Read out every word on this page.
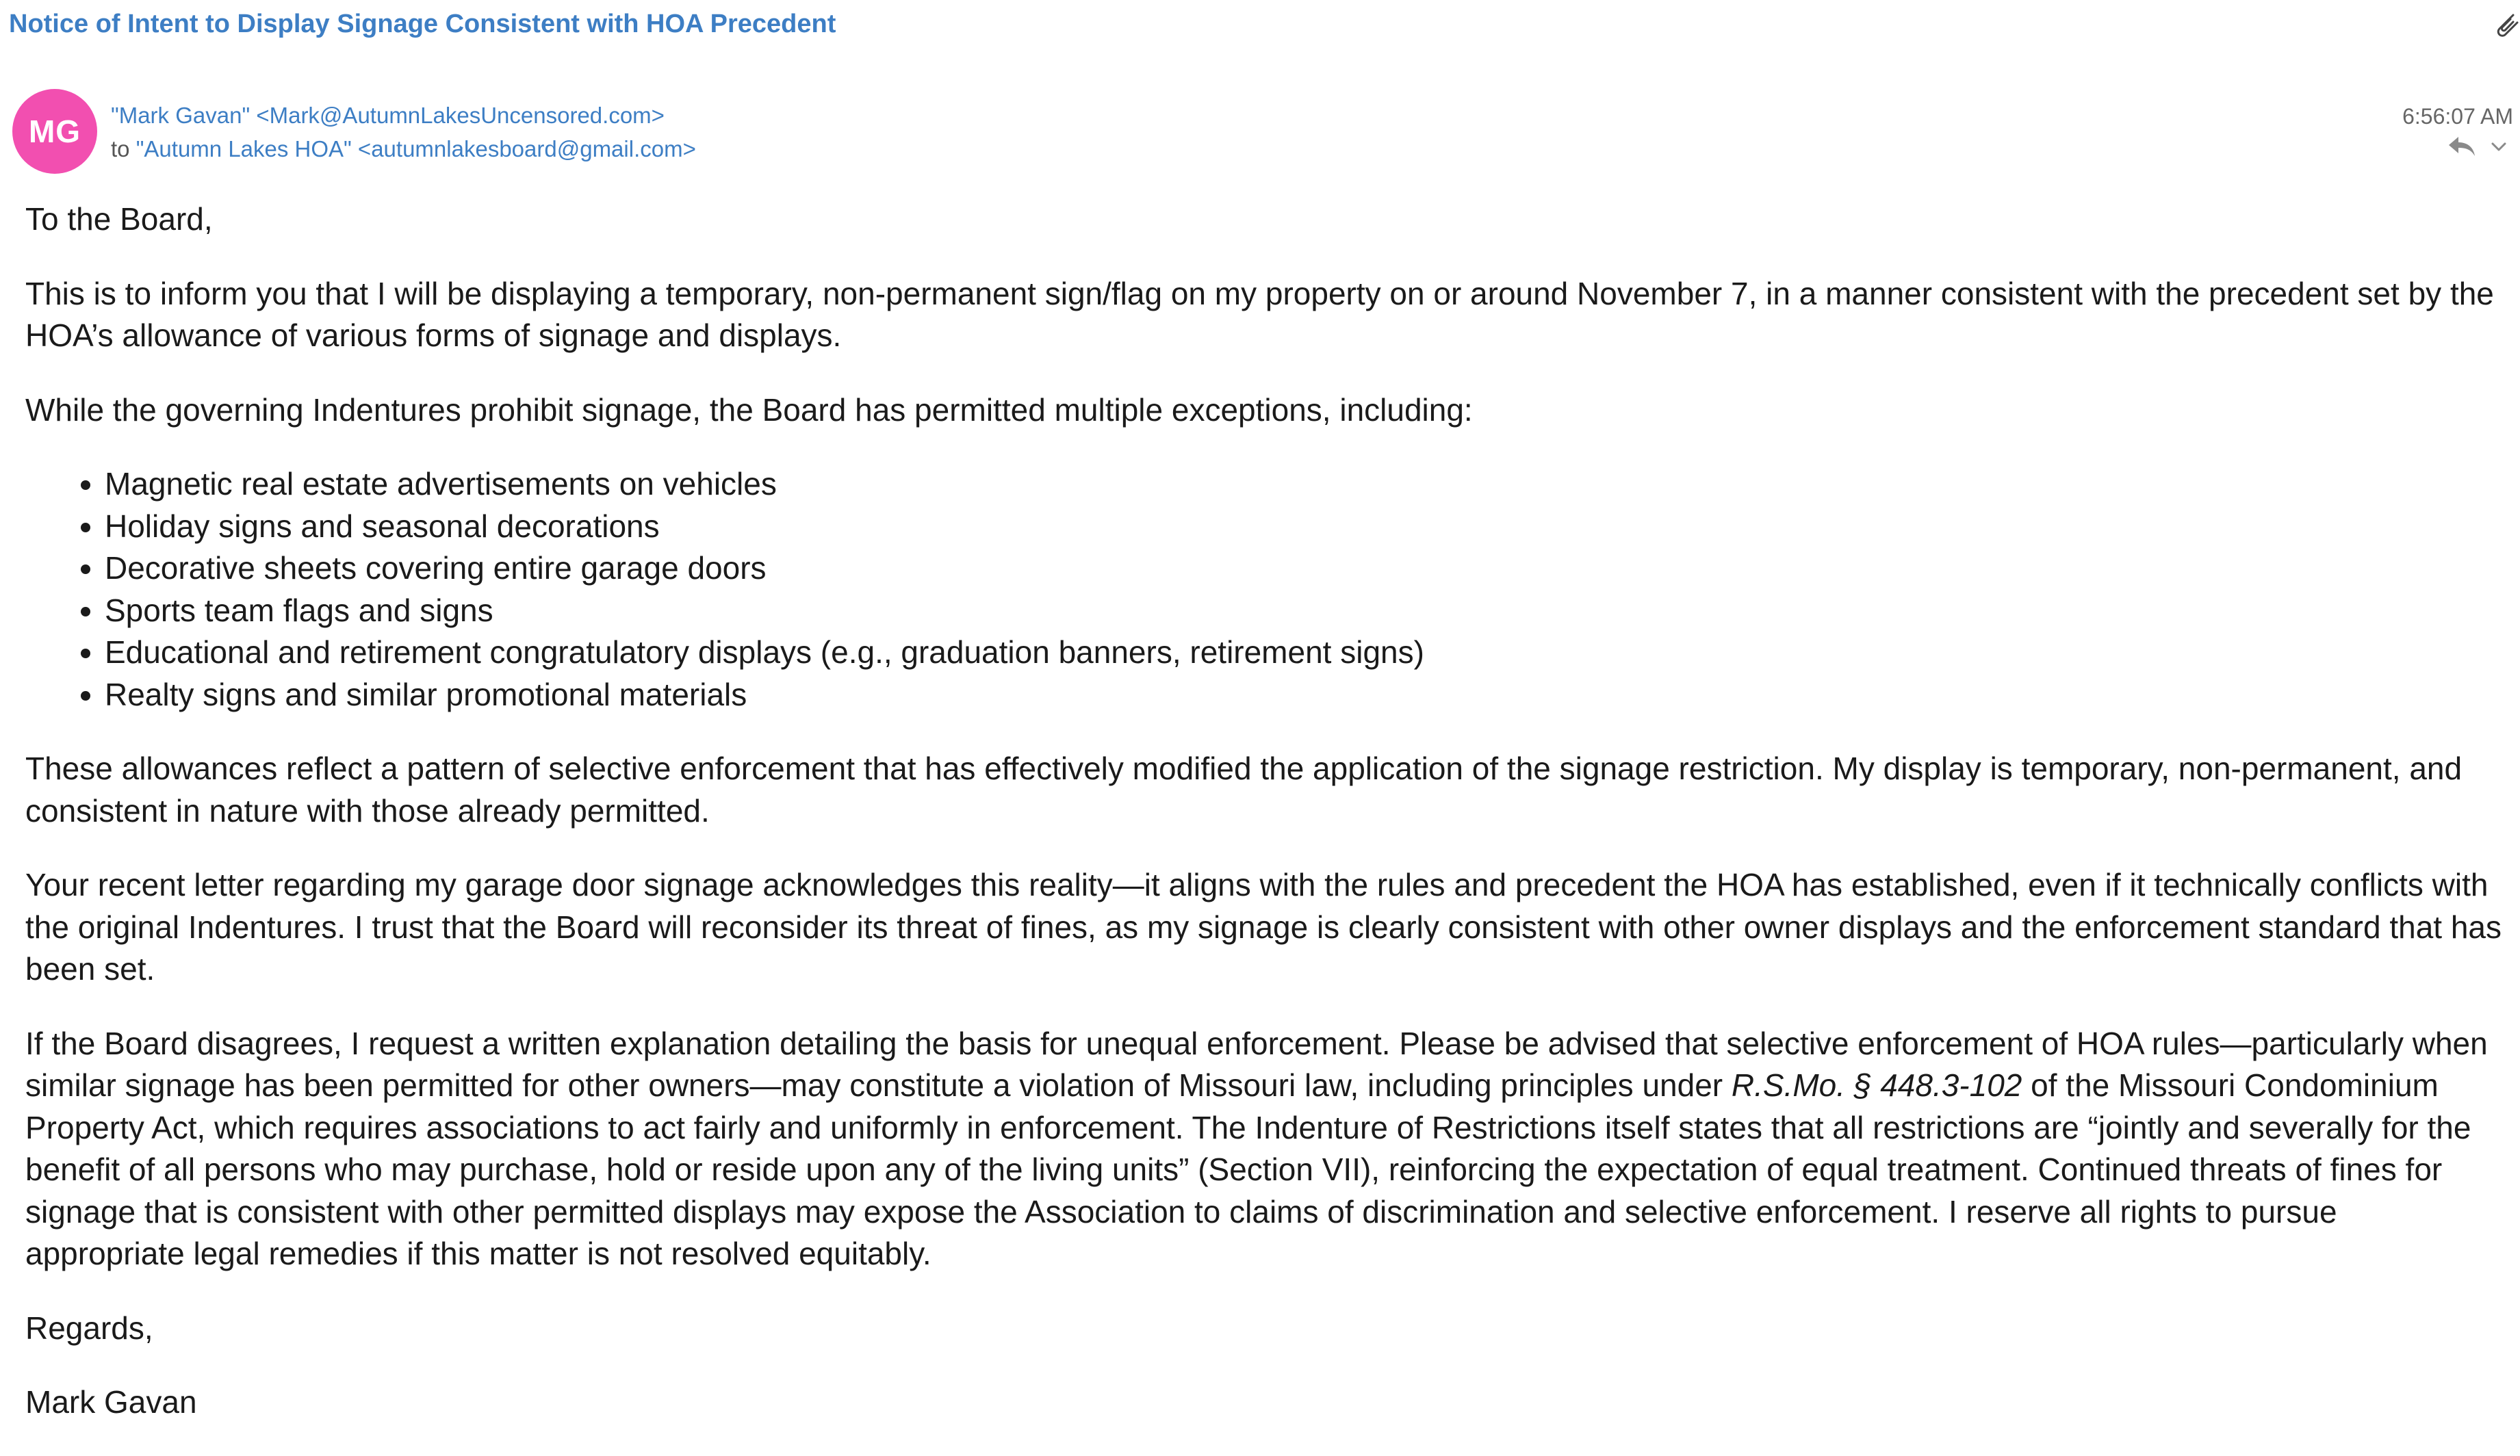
Notice of Intent to Display Signage Consistent with HOA Precedent
MG	"Mark Gavan" <Mark@AutumnLakesUncensored.com>
to "Autumn Lakes HOA" <autumnlakesboard@gmail.com>
6:56:07 AM

To the Board,

This is to inform you that I will be displaying a temporary, non-permanent sign/flag on my property on or around November 7, in a manner consistent with the precedent set by the HOA’s allowance of various forms of signage and displays.

While the governing Indentures prohibit signage, the Board has permitted multiple exceptions, including:

• Magnetic real estate advertisements on vehicles
• Holiday signs and seasonal decorations
• Decorative sheets covering entire garage doors
• Sports team flags and signs
• Educational and retirement congratulatory displays (e.g., graduation banners, retirement signs)
• Realty signs and similar promotional materials

These allowances reflect a pattern of selective enforcement that has effectively modified the application of the signage restriction. My display is temporary, non-permanent, and consistent in nature with those already permitted.

Your recent letter regarding my garage door signage acknowledges this reality—it aligns with the rules and precedent the HOA has established, even if it technically conflicts with the original Indentures. I trust that the Board will reconsider its threat of fines, as my signage is clearly consistent with other owner displays and the enforcement standard that has been set.

If the Board disagrees, I request a written explanation detailing the basis for unequal enforcement. Please be advised that selective enforcement of HOA rules—particularly when similar signage has been permitted for other owners—may constitute a violation of Missouri law, including principles under R.S.Mo. § 448.3-102 of the Missouri Condominium Property Act, which requires associations to act fairly and uniformly in enforcement. The Indenture of Restrictions itself states that all restrictions are “jointly and severally for the benefit of all persons who may purchase, hold or reside upon any of the living units” (Section VII), reinforcing the expectation of equal treatment. Continued threats of fines for signage that is consistent with other permitted displays may expose the Association to claims of discrimination and selective enforcement. I reserve all rights to pursue appropriate legal remedies if this matter is not resolved equitably.

Regards,

Mark Gavan
